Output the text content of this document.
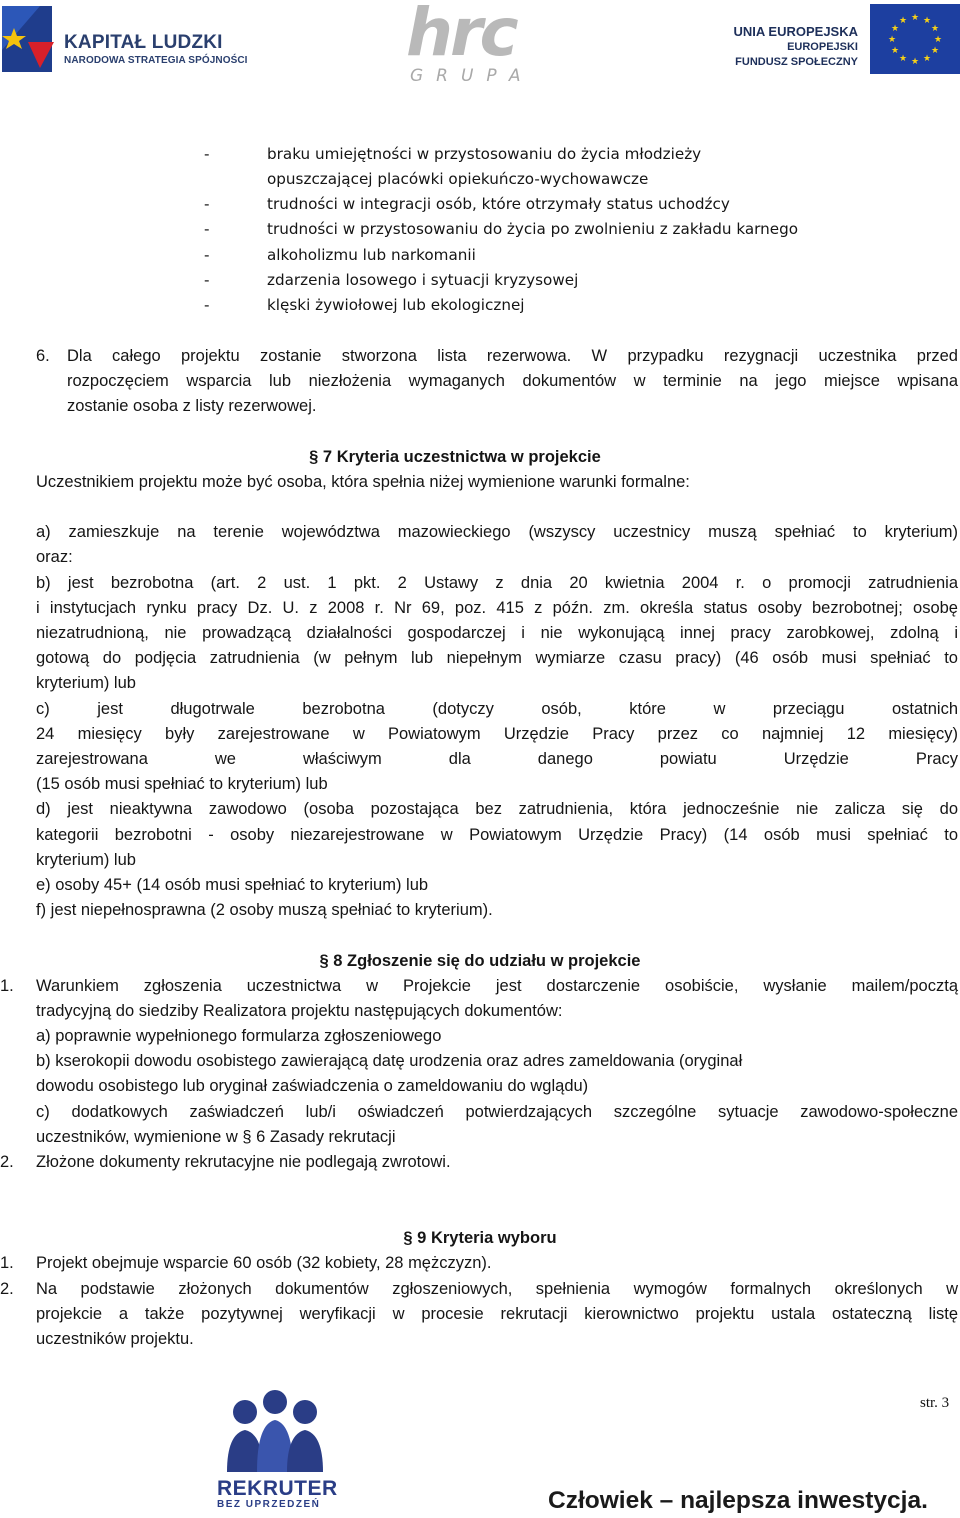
KAPITAŁ LUDZKI
NARODOWA STRATEGIA SPÓJNOŚCI hrc
GRUPA
UNIA EUROPEJSKA
EUROPEJSKI
FUNDUSZ SPOŁECZNY
★ ★
★
★
★
★
★
★
★
★
★
★
-	braku umiejętności w przystosowaniu do życia młodzieży
opuszczającej placówki opiekuńczo-wychowawcze
-	trudności w integracji osób, które otrzymały status uchodźcy
-	trudności w przystosowaniu do życia po zwolnieniu z zakładu karnego
-	alkoholizmu lub narkomanii
-	zdarzenia losowego i sytuacji kryzysowej
-	klęski żywiołowej lub ekologicznej
6. Dla całego projektu zostanie stworzona lista rezerwowa. W przypadku rezygnacji uczestnika przed
rozpoczęciem wsparcia lub niezłożenia wymaganych dokumentów w terminie na jego miejsce wpisana
zostanie osoba z listy rezerwowej.
§ 7 Kryteria uczestnictwa w projekcie
Uczestnikiem projektu może być osoba, która spełnia niżej wymienione warunki formalne:
a) zamieszkuje na terenie województwa mazowieckiego (wszyscy uczestnicy muszą spełniać to kryterium)
oraz:
b) jest bezrobotna (art. 2 ust. 1 pkt. 2 Ustawy z dnia 20 kwietnia 2004 r. o promocji zatrudnienia
i instytucjach rynku pracy Dz. U. z 2008 r. Nr 69, poz. 415 z późn. zm. określa status osoby bezrobotnej; osobę
niezatrudnioną, nie prowadzącą działalności gospodarczej i nie wykonującą innej pracy zarobkowej, zdolną i
gotową do podjęcia zatrudnienia (w pełnym lub niepełnym wymiarze czasu pracy) (46 osób musi spełniać to
kryterium) lub
c) jest długotrwale bezrobotna (dotyczy osób, które w przeciągu ostatnich
24 miesięcy były zarejestrowane w Powiatowym Urzędzie Pracy przez co najmniej 12 miesięcy)
zarejestrowana we właściwym dla danego powiatu Urzędzie Pracy
(15 osób musi spełniać to kryterium) lub
d) jest nieaktywna zawodowo (osoba pozostająca bez zatrudnienia, która jednocześnie nie zalicza się do
kategorii bezrobotni - osoby niezarejestrowane w Powiatowym Urzędzie Pracy) (14 osób musi spełniać to
kryterium) lub
e) osoby 45+ (14 osób musi spełniać to kryterium) lub
f) jest niepełnosprawna (2 osoby muszą spełniać to kryterium).
§ 8 Zgłoszenie się do udziału w projekcie
1. Warunkiem zgłoszenia uczestnictwa w Projekcie jest dostarczenie osobiście, wysłanie mailem/pocztą
tradycyjną do siedziby Realizatora projektu następujących dokumentów:
a) poprawnie wypełnionego formularza zgłoszeniowego
b) kserokopii dowodu osobistego zawierającą datę urodzenia oraz adres zameldowania (oryginał
dowodu osobistego lub oryginał zaświadczenia o zameldowaniu do wglądu)
c) dodatkowych zaświadczeń lub/i oświadczeń potwierdzających szczególne sytuacje zawodowo-społeczne
uczestników, wymienione w § 6 Zasady rekrutacji
2. Złożone dokumenty rekrutacyjne nie podlegają zwrotowi.
§ 9 Kryteria wyboru
1. Projekt obejmuje wsparcie 60 osób (32 kobiety, 28 mężczyzn).
2. Na podstawie złożonych dokumentów zgłoszeniowych, spełnienia wymogów formalnych określonych w
projekcie a także pozytywnej weryfikacji w procesie rekrutacji kierownictwo projektu ustala ostateczną listę
uczestników projektu.
str. 3
REKRUTER
BEZ UPRZEDZEŃ	Człowiek – najlepsza inwestycja.
